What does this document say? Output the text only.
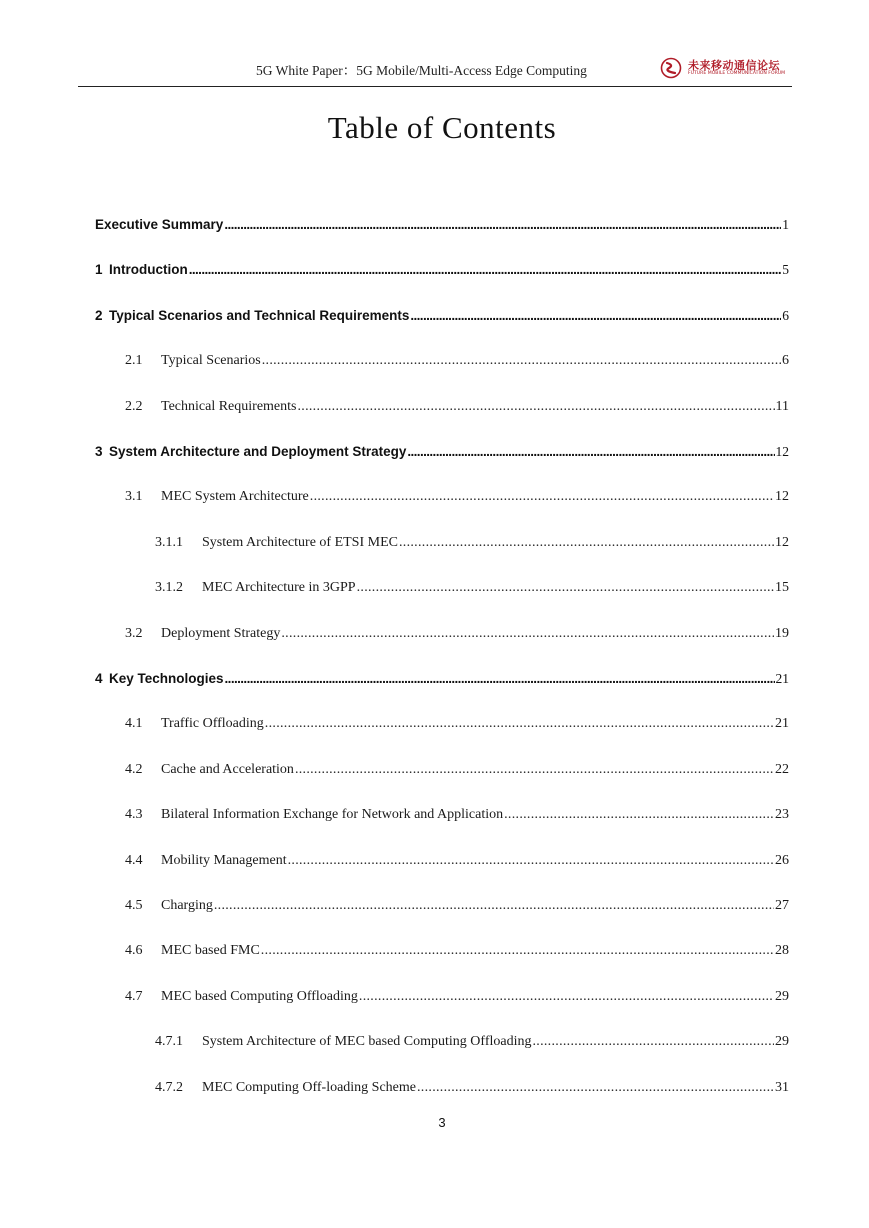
5G White Paper：5G Mobile/Multi-Access Edge Computing	未来移动通信论坛
FUTURE MOBILE COMMUNICATION FORUM
Table of Contents
Executive Summary .....	1
1 Introduction .....	5
2 Typical Scenarios and Technical Requirements .....	6
2.1	Typical Scenarios .....	6
2.2	Technical Requirements .....	11
3 System Architecture and Deployment Strategy .....	12
3.1	MEC System Architecture .....	12
3.1.1	System Architecture of ETSI MEC .....	12
3.1.2	MEC Architecture in 3GPP .....	15
3.2	Deployment Strategy .....	19
4 Key Technologies .....	21
4.1	Traffic Offloading .....	21
4.2	Cache and Acceleration .....	22
4.3	Bilateral Information Exchange for Network and Application .....	23
4.4	Mobility Management .....	26
4.5	Charging .....	27
4.6	MEC based FMC .....	28
4.7	MEC based Computing Offloading .....	29
4.7.1	System Architecture of MEC based Computing Offloading .....	29
4.7.2	MEC Computing Off-loading Scheme .....	31
3
